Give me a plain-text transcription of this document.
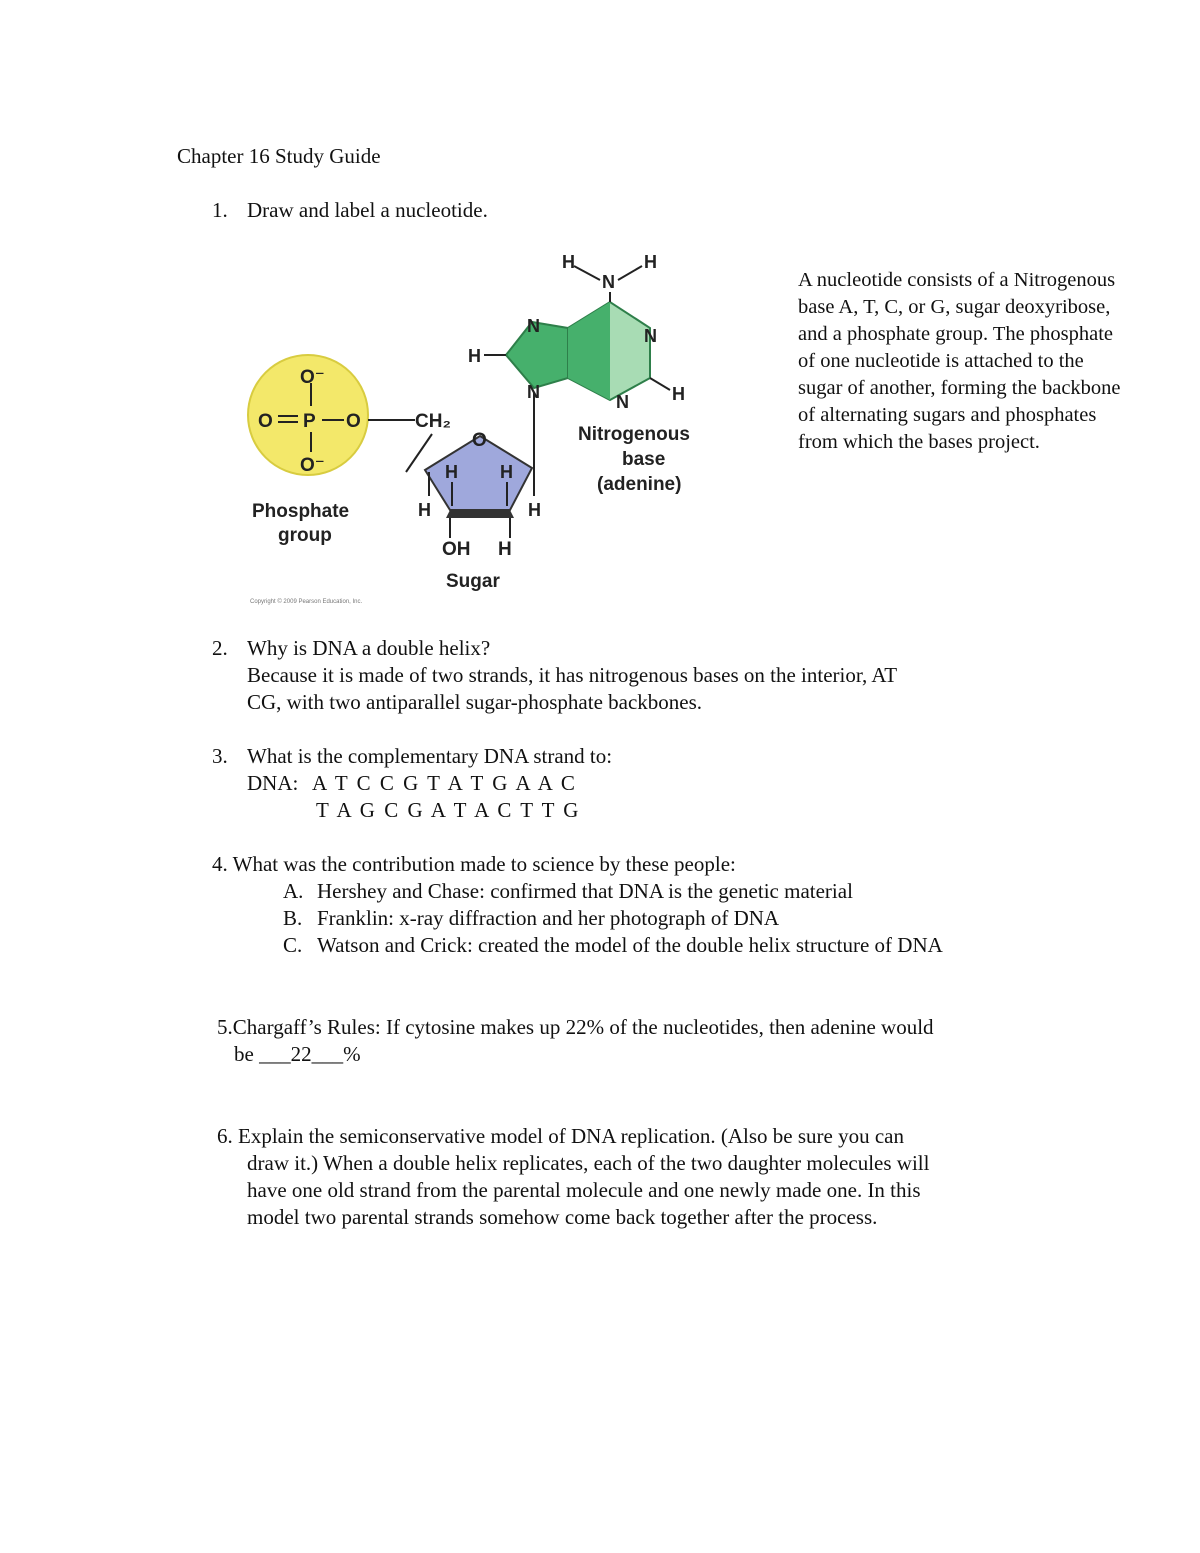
Chapter 16 Study Guide

1. Draw and label a nucleotide.

O⁻
O P O
O⁻
Phosphate
group
CH₂
O
H H
H	H
OH H
Sugar
Copyright © 2009 Pearson Education, Inc.
N
N
N
N
N
H	H
H
H
Nitrogenous
base
(adenine)

A nucleotide consists of a Nitrogenous base A, T, C, or G, sugar deoxyribose, and a phosphate group. The phosphate of one nucleotide is attached to the sugar of another, forming the backbone of alternating sugars and phosphates from which the bases project.

2. Why is DNA a double helix?

Because it is made of two strands, it has nitrogenous bases on the interior, AT

CG, with two antiparallel sugar-phosphate backbones.

3. What is the complementary DNA strand to:

DNA: A T C C G T A T G A A C

T A G C G A T A C T T G

4. What was the contribution made to science by these people:

A. Hershey and Chase: confirmed that DNA is the genetic material

B. Franklin: x-ray diffraction and her photograph of DNA

C. Watson and Crick: created the model of the double helix structure of DNA

5.Chargaff’s Rules: If cytosine makes up 22% of the nucleotides, then adenine would

be ___22___%

6. Explain the semiconservative model of DNA replication. (Also be sure you can

draw it.) When a double helix replicates, each of the two daughter molecules will

have one old strand from the parental molecule and one newly made one. In this

model two parental strands somehow come back together after the process.
